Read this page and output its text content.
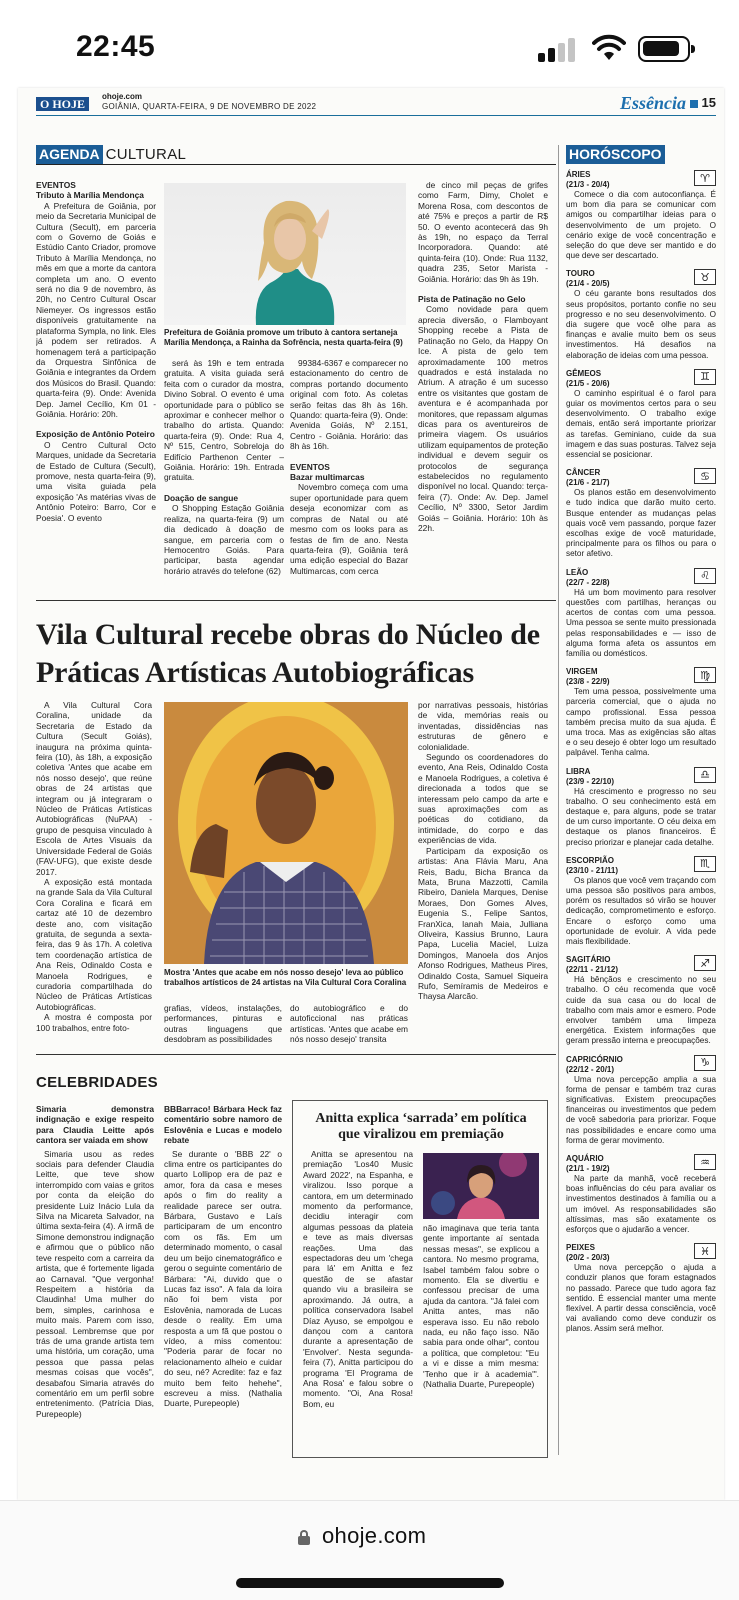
22:45
O HOJE
ohoje.com
GOIÂNIA, QUARTA-FEIRA, 9 DE NOVEMBRO DE 2022	Essência 15
AGENDA CULTURAL
EVENTOS
Tributo à Marília Mendonça

A Prefeitura de Goiânia, por meio da Secretaria Municipal de Cultura (Secult), em parceria com o Governo de Goiás e Estúdio Canto Criador, promove Tributo à Marília Mendonça, no mês em que a morte da cantora completa um ano. O evento será no dia 9 de novembro, às 20h, no Centro Cultural Oscar Niemeyer. Os ingressos estão disponíveis gratuitamente na plataforma Sympla, no link. Eles já podem ser retirados. A homenagem terá a participação da Orquestra Sinfônica de Goiânia e integrantes da Ordem dos Músicos do Brasil. Quando: quarta-feira (9). Onde: Avenida Dep. Jamel Cecílio, Km 01 - Goiânia. Horário: 20h.

Exposição de Antônio Poteiro

O Centro Cultural Octo Marques, unidade da Secretaria de Estado de Cultura (Secult), promove, nesta quarta-feira (9), uma visita guiada pela exposição 'As matérias vivas de Antônio Poteiro: Barro, Cor e Poesia'. O evento

Prefeitura de Goiânia promove um tributo à cantora sertaneja Marília Mendonça, a Rainha da Sofrência, nesta quarta-feira (9)

será às 19h e tem entrada gratuita. A visita guiada será feita com o curador da mostra, Divino Sobral. O evento é uma oportunidade para o público se aproximar e conhecer melhor o trabalho do artista. Quando: quarta-feira (9). Onde: Rua 4, Nº 515, Centro, Sobreloja do Edifício Parthenon Center – Goiânia. Horário: 19h. Entrada gratuita.

Doação de sangue

O Shopping Estação Goiânia realiza, na quarta-feira (9) um dia dedicado à doação de sangue, em parceria com o Hemocentro Goiás. Para participar, basta agendar horário através do telefone (62)

99384-6367 e comparecer no estacionamento do centro de compras portando documento original com foto. As coletas serão feitas das 8h às 16h. Quando: quarta-feira (9). Onde: Avenida Goiás, Nº 2.151, Centro - Goiânia. Horário: das 8h às 16h.

EVENTOS
Bazar multimarcas

Novembro começa com uma super oportunidade para quem deseja economizar com as compras de Natal ou até mesmo com os looks para as festas de fim de ano. Nesta quarta-feira (9), Goiânia terá uma edição especial do Bazar Multimarcas, com cerca

de cinco mil peças de grifes como Farm, Dimy, Cholet e Morena Rosa, com descontos de até 75% e preços a partir de R$ 50. O evento acontecerá das 9h às 19h, no espaço da Terral Incorporadora. Quando: até quinta-feira (10). Onde: Rua 1132, quadra 235, Setor Marista - Goiânia. Horário: das 9h às 19h.

Pista de Patinação no Gelo

Como novidade para quem aprecia diversão, o Flamboyant Shopping recebe a Pista de Patinação no Gelo, da Happy On Ice. A pista de gelo tem aproximadamente 100 metros quadrados e está instalada no Atrium. A atração é um sucesso entre os visitantes que gostam de aventura e é acompanhada por monitores, que repassam algumas dicas para os aventureiros de primeira viagem. Os usuários utilizam equipamentos de proteção individual e devem seguir os protocolos de segurança estabelecidos no regulamento disponível no local. Quando: terça-feira (7). Onde: Av. Dep. Jamel Cecílio, Nº 3300, Setor Jardim Goiás – Goiânia. Horário: 10h às 22h.

Vila Cultural recebe obras do Núcleo de Práticas Artísticas Autobiográficas

A Vila Cultural Cora Coralina, unidade da Secretaria de Estado da Cultura (Secult Goiás), inaugura na próxima quinta-feira (10), às 18h, a exposição coletiva 'Antes que acabe em nós nosso desejo', que reúne obras de 24 artistas que integram ou já integraram o Núcleo de Práticas Artísticas Autobiográficas (NuPAA) - grupo de pesquisa vinculado à Escola de Artes Visuais da Universidade Federal de Goiás (FAV-UFG), que existe desde 2017.

A exposição está montada na grande Sala da Vila Cultural Cora Coralina e ficará em cartaz até 10 de dezembro deste ano, com visitação gratuita, de segunda a sexta-feira, das 9 às 17h. A coletiva tem coordenação artística de Ana Reis, Odinaldo Costa e Manoela Rodrigues, e curadoria compartilhada do Núcleo de Práticas Artísticas Autobiográficas.

A mostra é composta por 100 trabalhos, entre foto-

Mostra 'Antes que acabe em nós nosso desejo' leva ao público trabalhos artísticos de 24 artistas na Vila Cultural Cora Coralina

grafias, vídeos, instalações, performances, pinturas e outras linguagens que desdobram as possibilidades

do autobiográfico e do autoficcional nas práticas artísticas. 'Antes que acabe em nós nosso desejo' transita

por narrativas pessoais, histórias de vida, memórias reais ou inventadas, dissidências nas estruturas de gênero e colonialidade.

Segundo os coordenadores do evento, Ana Reis, Odinaldo Costa e Manoela Rodrigues, a coletiva é direcionada a todos que se interessam pelo campo da arte e suas aproximações com as poéticas do cotidiano, da intimidade, do corpo e das experiências de vida.

Participam da exposição os artistas: Ana Flávia Maru, Ana Reis, Badu, Bicha Branca da Mata, Bruna Mazzotti, Camila Ribeiro, Daniela Marques, Denise Moraes, Don Gomes Alves, Eugenia S., Felipe Santos, FranXica, Ianah Maia, Julliana Oliveira, Kassius Brunno, Laura Papa, Lucelia Maciel, Luiza Domingos, Manoela dos Anjos Afonso Rodrigues, Matheus Pires, Odinaldo Costa, Samuel Siqueira Rufo, Semíramis de Medeiros e Thaysa Alarcão.

CELEBRIDADES
Simaria demonstra indignação e exige respeito para Claudia Leitte após cantora ser vaiada em show

Simaria usou as redes sociais para defender Claudia Leitte, que teve show interrompido com vaias e gritos por conta da eleição do presidente Luiz Inácio Lula da Silva na Micareta Salvador, na última sexta-feira (4). A irmã de Simone demonstrou indignação e afirmou que o público não teve respeito com a carreira da artista, que é fortemente ligada ao Carnaval. "Que vergonha! Respeitem a história da Claudinha! Uma mulher do bem, simples, carinhosa e muito mais. Parem com isso, pessoal. Lembremse que por trás de uma grande artista tem uma história, um coração, uma pessoa que passa pelas mesmas coisas que vocês", desabafou Simaria através do comentário em um perfil sobre entretenimento. (Patrícia Dias, Purepeople)

BBBarraco! Bárbara Heck faz comentário sobre namoro de Eslovênia e Lucas e modelo rebate

Se durante o 'BBB 22' o clima entre os participantes do quarto Lollipop era de paz e amor, fora da casa e meses após o fim do reality a realidade parece ser outra. Bárbara, Gustavo e Laís participaram de um encontro com os fãs. Em um determinado momento, o casal deu um beijo cinematográfico e gerou o seguinte comentário de Bárbara: "Ai, duvido que o Lucas faz isso". A fala da loira não foi bem vista por Eslovênia, namorada de Lucas desde o reality. Em uma resposta a um fã que postou o vídeo, a miss comentou: "Poderia parar de focar no relacionamento alheio e cuidar do seu, né? Acredite: faz e faz muito bem feito hehehe", escreveu a miss. (Nathalia Duarte, Purepeople)

Anitta explica ‘sarrada’ em política que viralizou em premiação

Anitta se apresentou na premiação 'Los40 Music Award 2022', na Espanha, e viralizou. Isso porque a cantora, em um determinado momento da performance, decidiu interagir com algumas pessoas da plateia e teve as mais diversas reações. Uma das espectadoras deu um 'chega para lá' em Anitta e fez questão de se afastar quando viu a brasileira se aproximando. Já outra, a política conservadora Isabel Díaz Ayuso, se empolgou e dançou com a cantora durante a apresentação de 'Envolver'. Nesta segunda-feira (7), Anitta participou do programa 'El Programa de Ana Rosa' e falou sobre o momento. "Oi, Ana Rosa! Bom, eu

não imaginava que teria tanta gente importante aí sentada nessas mesas", se explicou a cantora. No mesmo programa, Isabel também falou sobre o momento. Ela se divertiu e confessou precisar de uma ajuda da cantora. "Já falei com Anitta antes, mas não esperava isso. Eu não rebolo nada, eu não faço isso. Não sabia para onde olhar", contou a política, que completou: "Eu a vi e disse a mim mesma: 'Tenho que ir à academia'". (Nathalia Duarte, Purepeople)

HORÓSCOPO
ÁRIES
(21/3 - 20/4)

Comece o dia com autoconfiança. É um bom dia para se comunicar com amigos ou compartilhar ideias para o desenvolvimento de um projeto. O cenário exige de você concentração e seleção do que deve ser mantido e do que deve ser descartado.

♈
TOURO
(21/4 - 20/5)

O céu garante bons resultados dos seus propósitos, portanto confie no seu progresso e no seu desenvolvimento. O dia sugere que você olhe para as finanças e avalie muito bem os seus investimentos. Há desafios na elaboração de ideias com uma pessoa.

♉
GÊMEOS
(21/5 - 20/6)

O caminho espiritual é o farol para guiar os movimentos certos para o seu desenvolvimento. O trabalho exige demais, então será importante priorizar as tarefas. Geminiano, cuide da sua imagem e das suas posturas. Talvez seja essencial se posicionar.

♊
CÂNCER
(21/6 - 21/7)

Os planos estão em desenvolvimento e tudo indica que darão muito certo. Busque entender as mudanças pelas quais você vem passando, porque fazer escolhas exige de você maturidade, principalmente para os filhos ou para o setor afetivo.

♋
LEÃO
(22/7 - 22/8)

Há um bom movimento para resolver questões com partilhas, heranças ou acertos de contas com uma pessoa. Uma pessoa se sente muito pressionada pelas responsabilidades e — isso de alguma forma afeta os assuntos em família ou domésticos.

♌
VIRGEM
(23/8 - 22/9)

Tem uma pessoa, possivelmente uma parceria comercial, que o ajuda no campo profissional. Essa pessoa também precisa muito da sua ajuda. É uma troca. Mas as exigências são altas e o seu desejo é obter logo um resultado palpável. Tenha calma.

♍
LIBRA
(23/9 - 22/10)

Há crescimento e progresso no seu trabalho. O seu conhecimento está em destaque e, para alguns, pode se tratar de um curso importante. O céu deixa em destaque os planos financeiros. É preciso priorizar e planejar cada detalhe.

♎
ESCORPIÃO
(23/10 - 21/11)

Os planos que você vem traçando com uma pessoa são positivos para ambos, porém os resultados só virão se houver dedicação, comprometimento e esforço. Encare o esforço como uma oportunidade de evoluir. A vida pede mais flexibilidade.

♏
SAGITÁRIO
(22/11 - 21/12)

Há bênçãos e crescimento no seu trabalho. O céu recomenda que você cuide da sua casa ou do local de trabalho com mais amor e esmero. Pode envolver também uma limpeza energética. Existem informações que geram pressão interna e preocupações.

♐
CAPRICÓRNIO
(22/12 - 20/1)

Uma nova percepção amplia a sua forma de pensar e também traz curas significativas. Existem preocupações financeiras ou investimentos que pedem de você sabedoria para priorizar. Foque nas possibilidades e encare como uma forma de gerar movimento.

♑
AQUÁRIO
(21/1 - 19/2)

Na parte da manhã, você receberá boas influências do céu para avaliar os investimentos destinados à família ou a um imóvel. As responsabilidades são altíssimas, mas são exatamente os esforços que o ajudarão a vencer.

♒
PEIXES
(20/2 - 20/3)

Uma nova percepção o ajuda a conduzir planos que foram estagnados no passado. Parece que tudo agora faz sentido. É essencial manter uma mente flexível. A partir dessa consciência, você vai avaliando como deve conduzir os planos. Assim será melhor.

♓
ohoje.com
